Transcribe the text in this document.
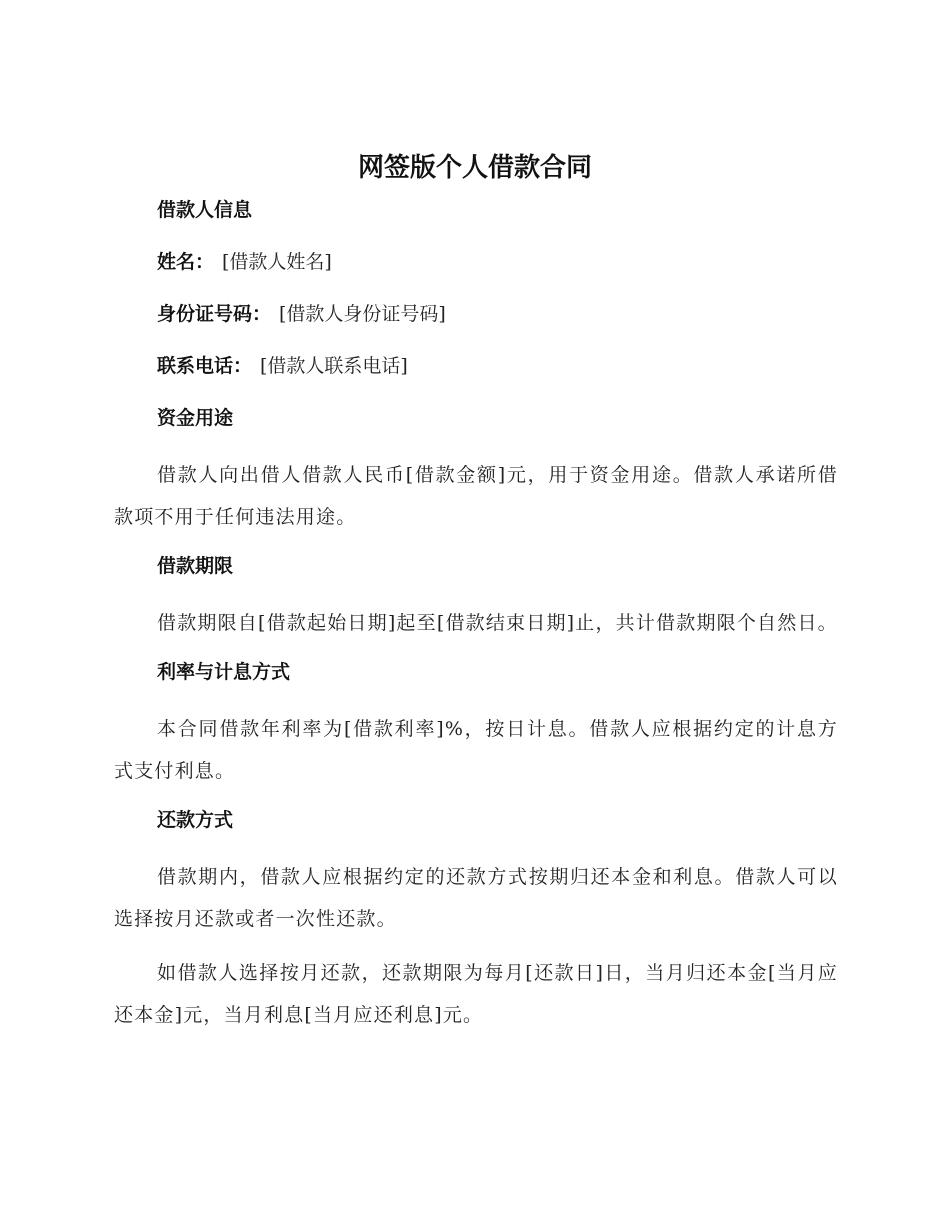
网签版个人借款合同
借款人信息
姓名： [借款人姓名]
身份证号码： [借款人身份证号码]
联系电话： [借款人联系电话]
资金用途

借款人向出借人借款人民币[借款金额]元，用于资金用途。借款人承诺所借款项不用于任何违法用途。

借款期限

借款期限自[借款起始日期]起至[借款结束日期]止，共计借款期限个自然日。

利率与计息方式

本合同借款年利率为[借款利率]%，按日计息。借款人应根据约定的计息方式支付利息。

还款方式

借款期内，借款人应根据约定的还款方式按期归还本金和利息。借款人可以选择按月还款或者一次性还款。

如借款人选择按月还款，还款期限为每月[还款日]日，当月归还本金[当月应还本金]元，当月利息[当月应还利息]元。
